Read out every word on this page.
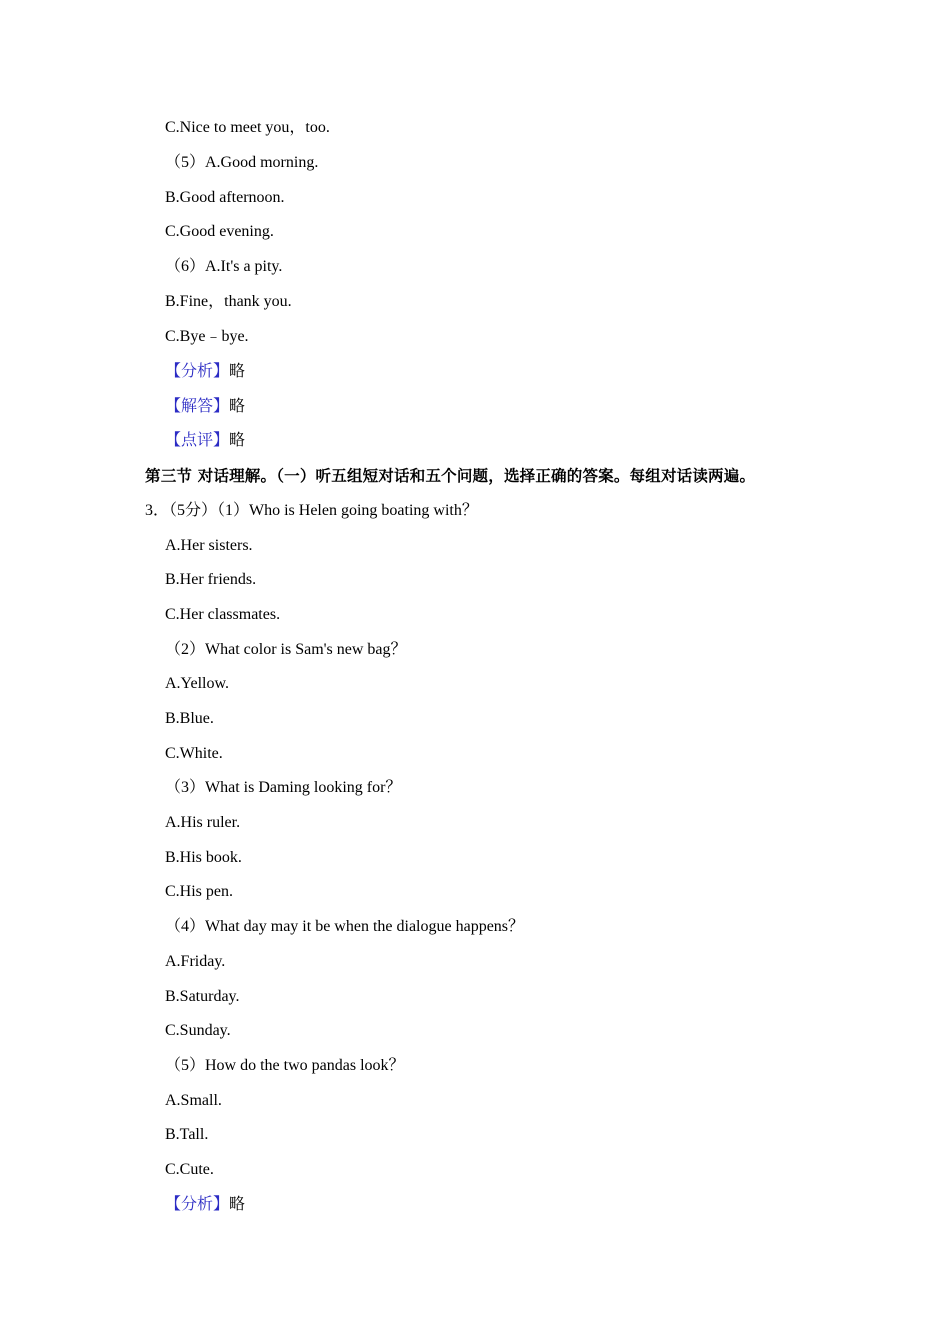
C.Nice to meet you，too.
（5）A.Good morning.
B.Good afternoon.
C.Good evening.
（6）A.It's a pity.
B.Fine，thank you.
C.Bye﹣bye.
【分析】略
【解答】略
【点评】略
第三节 对话理解。（一）听五组短对话和五个问题，选择正确的答案。每组对话读两遍。
3．（5分）（1）Who is Helen going boating with？
A.Her sisters.
B.Her friends.
C.Her classmates.
（2）What color is Sam's new bag？
A.Yellow.
B.Blue.
C.White.
（3）What is Daming looking for？
A.His ruler.
B.His book.
C.His pen.
（4）What day may it be when the dialogue happens？
A.Friday.
B.Saturday.
C.Sunday.
（5）How do the two pandas look？
A.Small.
B.Tall.
C.Cute.
【分析】略
